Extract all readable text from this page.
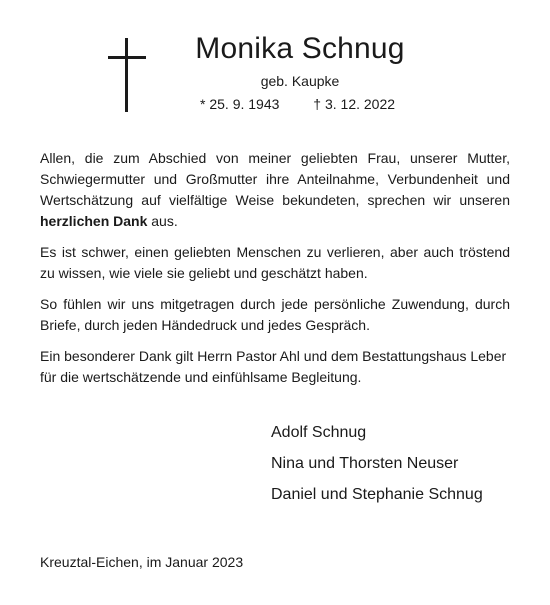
Monika Schnug
geb. Kaupke
* 25. 9. 1943 † 3. 12. 2022

Allen, die zum Abschied von meiner geliebten Frau, unserer Mutter, Schwiegermutter und Großmutter ihre Anteilnahme, Verbundenheit und Wertschätzung auf vielfältige Weise bekundeten, sprechen wir unseren herzlichen Dank aus.

Es ist schwer, einen geliebten Menschen zu verlieren, aber auch tröstend zu wissen, wie viele sie geliebt und geschätzt haben.

So fühlen wir uns mitgetragen durch jede persönliche Zuwendung, durch Briefe, durch jeden Händedruck und jedes Gespräch.

Ein besonderer Dank gilt Herrn Pastor Ahl und dem Bestattungshaus Leber für die wertschätzende und einfühlsame Begleitung.

Adolf Schnug
Nina und Thorsten Neuser
Daniel und Stephanie Schnug
Kreuztal-Eichen, im Januar 2023
